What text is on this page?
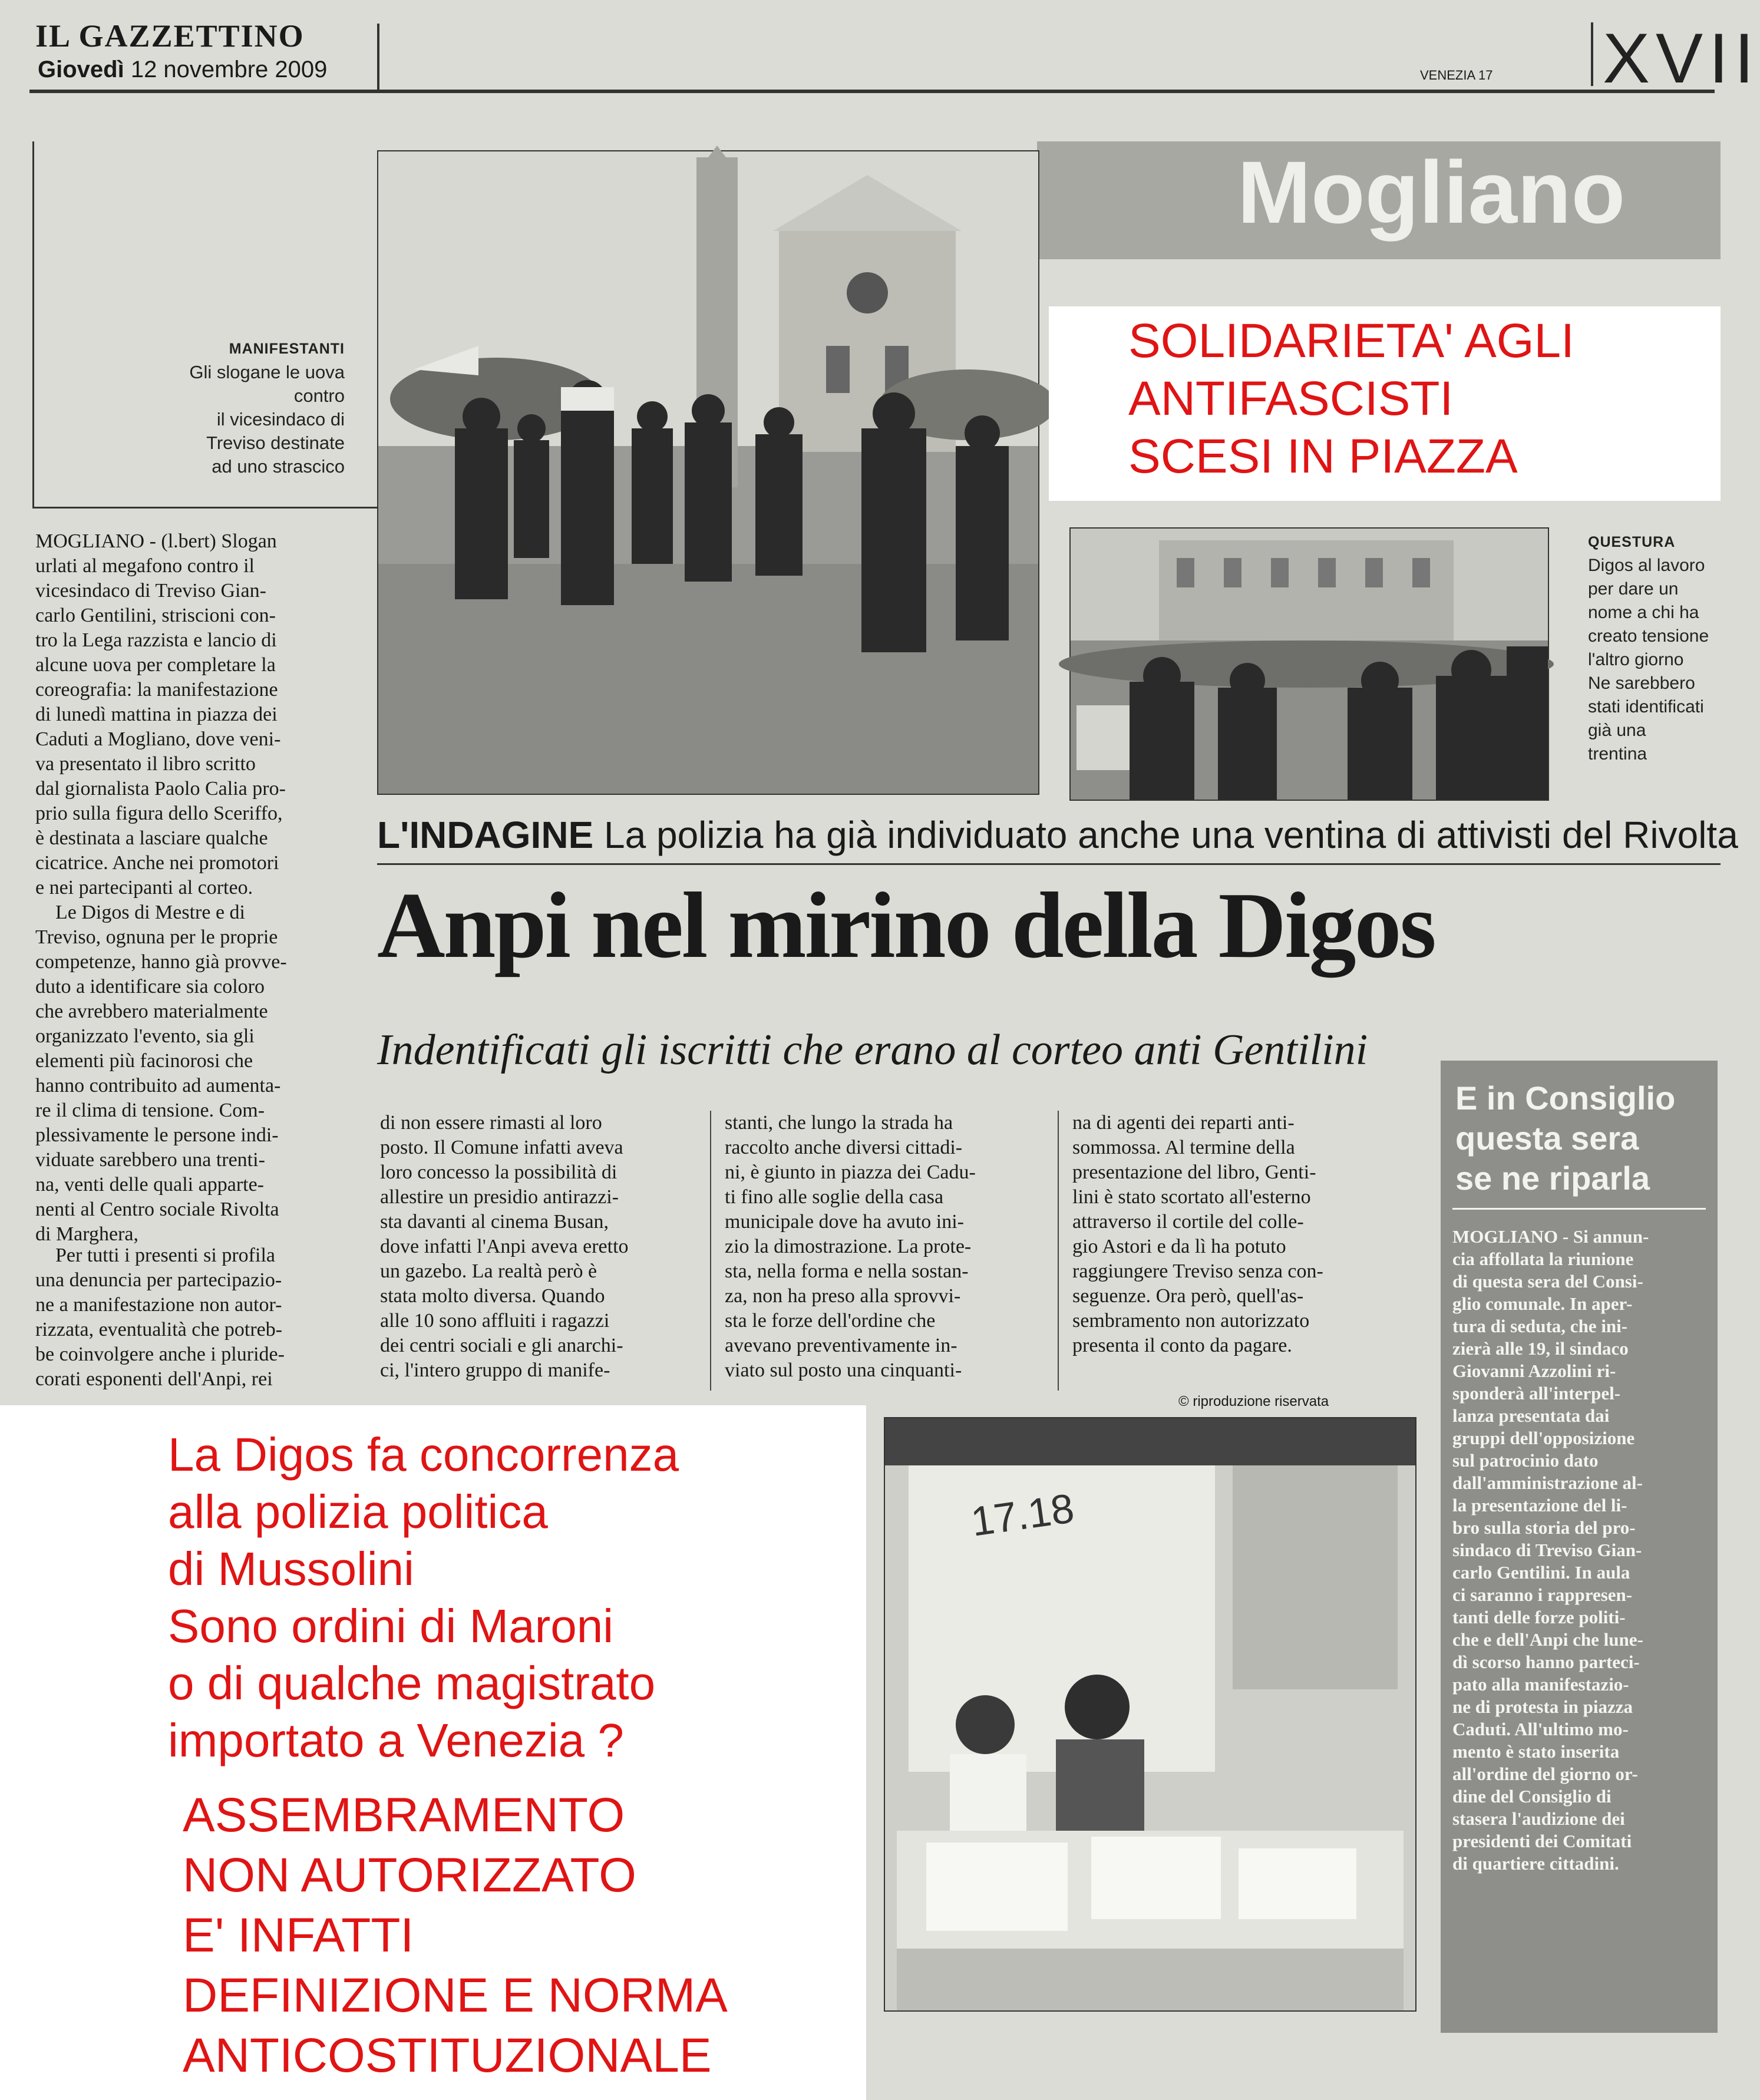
IL GAZZETTINO
Giovedì 12 novembre 2009	VENEZIA 17 XVII
Mogliano
MANIFESTANTI
Gli slogane le uova
contro
il vicesindaco di
Treviso destinate
ad uno strascico
SOLIDARIETA' AGLI
ANTIFASCISTI
SCESI IN PIAZZA
QUESTURA
Digos al lavoro
per dare un
nome a chi ha
creato tensione
l'altro giorno
Ne sarebbero
stati identificati
già una
trentina
MOGLIANO - (l.bert) Slogan
urlati al megafono contro il
vicesindaco di Treviso Gian-
carlo Gentilini, striscioni con-
tro la Lega razzista e lancio di
alcune uova per completare la
coreografia: la manifestazione
di lunedì mattina in piazza dei
Caduti a Mogliano, dove veni-
va presentato il libro scritto
dal giornalista Paolo Calia pro-
prio sulla figura dello Sceriffo,
è destinata a lasciare qualche
cicatrice. Anche nei promotori
e nei partecipanti al corteo.
Le Digos di Mestre e di
Treviso, ognuna per le proprie
competenze, hanno già provve-
duto a identificare sia coloro
che avrebbero materialmente
organizzato l'evento, sia gli
elementi più facinorosi che
hanno contribuito ad aumenta-
re il clima di tensione. Com-
plessivamente le persone indi-
viduate sarebbero una trenti-
na, venti delle quali apparte-
nenti al Centro sociale Rivolta
di Marghera,
Per tutti i presenti si profila
una denuncia per partecipazio-
ne a manifestazione non autor-
rizzata, eventualità che potreb-
be coinvolgere anche i pluride-
corati esponenti dell'Anpi, rei
L'INDAGINE La polizia ha già individuato anche una ventina di attivisti del Rivolta
Anpi nel mirino della Digos
Indentificati gli iscritti che erano al corteo anti Gentilini
di non essere rimasti al loro
posto. Il Comune infatti aveva
loro concesso la possibilità di
allestire un presidio antirazzi-
sta davanti al cinema Busan,
dove infatti l'Anpi aveva eretto
un gazebo. La realtà però è
stata molto diversa. Quando
alle 10 sono affluiti i ragazzi
dei centri sociali e gli anarchi-
ci, l'intero gruppo di manife-
stanti, che lungo la strada ha
raccolto anche diversi cittadi-
ni, è giunto in piazza dei Cadu-
ti fino alle soglie della casa
municipale dove ha avuto ini-
zio la dimostrazione. La prote-
sta, nella forma e nella sostan-
za, non ha preso alla sprovvi-
sta le forze dell'ordine che
avevano preventivamente in-
viato sul posto una cinquanti-
na di agenti dei reparti anti-
sommossa. Al termine della
presentazione del libro, Genti-
lini è stato scortato all'esterno
attraverso il cortile del colle-
gio Astori e da lì ha potuto
raggiungere Treviso senza con-
seguenze. Ora però, quell'as-
sembramento non autorizzato
presenta il conto da pagare.
© riproduzione riservata
E in Consiglio
questa sera
se ne riparla
MOGLIANO - Si annun-
cia affollata la riunione
di questa sera del Consi-
glio comunale. In aper-
tura di seduta, che ini-
zierà alle 19, il sindaco
Giovanni Azzolini ri-
sponderà all'interpel-
lanza presentata dai
gruppi dell'opposizione
sul patrocinio dato
dall'amministrazione al-
la presentazione del li-
bro sulla storia del pro-
sindaco di Treviso Gian-
carlo Gentilini. In aula
ci saranno i rappresen-
tanti delle forze politi-
che e dell'Anpi che lune-
dì scorso hanno parteci-
pato alla manifestazio-
ne di protesta in piazza
Caduti. All'ultimo mo-
mento è stato inserita
all'ordine del giorno or-
dine del Consiglio di
stasera l'audizione dei
presidenti dei Comitati
di quartiere cittadini.
La Digos fa concorrenza
alla polizia politica
di Mussolini
Sono ordini di Maroni
o di qualche magistrato
importato a Venezia ?
ASSEMBRAMENTO
NON AUTORIZZATO
E' INFATTI
DEFINIZIONE E NORMA
ANTICOSTITUZIONALE
17.18
